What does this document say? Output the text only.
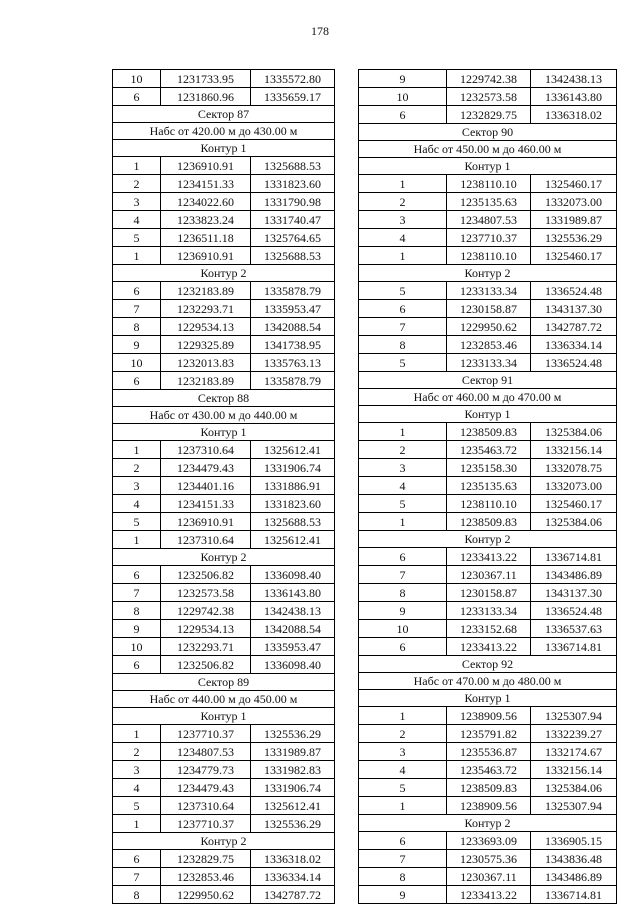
178
10	1231733.95	1335572.80
6	1231860.96	1335659.17
Сектор 87		
Набс от 420.00 м до 430.00 м		
Контур 1		
1	1236910.91	1325688.53
2	1234151.33	1331823.60
3	1234022.60	1331790.98
4	1233823.24	1331740.47
5	1236511.18	1325764.65
1	1236910.91	1325688.53
Контур 2		
6	1232183.89	1335878.79
7	1232293.71	1335953.47
8	1229534.13	1342088.54
9	1229325.89	1341738.95
10	1232013.83	1335763.13
6	1232183.89	1335878.79
Сектор 88		
Набс от 430.00 м до 440.00 м		
Контур 1		
1	1237310.64	1325612.41
2	1234479.43	1331906.74
3	1234401.16	1331886.91
4	1234151.33	1331823.60
5	1236910.91	1325688.53
1	1237310.64	1325612.41
Контур 2		
6	1232506.82	1336098.40
7	1232573.58	1336143.80
8	1229742.38	1342438.13
9	1229534.13	1342088.54
10	1232293.71	1335953.47
6	1232506.82	1336098.40
Сектор 89		
Набс от 440.00 м до 450.00 м		
Контур 1		
1	1237710.37	1325536.29
2	1234807.53	1331989.87
3	1234779.73	1331982.83
4	1234479.43	1331906.74
5	1237310.64	1325612.41
1	1237710.37	1325536.29
Контур 2		
6	1232829.75	1336318.02
7	1232853.46	1336334.14
8	1229950.62	1342787.72
9	1229742.38	1342438.13
10	1232573.58	1336143.80
6	1232829.75	1336318.02
Сектор 90		
Набс от 450.00 м до 460.00 м		
Контур 1		
1	1238110.10	1325460.17
2	1235135.63	1332073.00
3	1234807.53	1331989.87
4	1237710.37	1325536.29
1	1238110.10	1325460.17
Контур 2		
5	1233133.34	1336524.48
6	1230158.87	1343137.30
7	1229950.62	1342787.72
8	1232853.46	1336334.14
5	1233133.34	1336524.48
Сектор 91		
Набс от 460.00 м до 470.00 м		
Контур 1		
1	1238509.83	1325384.06
2	1235463.72	1332156.14
3	1235158.30	1332078.75
4	1235135.63	1332073.00
5	1238110.10	1325460.17
1	1238509.83	1325384.06
Контур 2		
6	1233413.22	1336714.81
7	1230367.11	1343486.89
8	1230158.87	1343137.30
9	1233133.34	1336524.48
10	1233152.68	1336537.63
6	1233413.22	1336714.81
Сектор 92		
Набс от 470.00 м до 480.00 м		
Контур 1		
1	1238909.56	1325307.94
2	1235791.82	1332239.27
3	1235536.87	1332174.67
4	1235463.72	1332156.14
5	1238509.83	1325384.06
1	1238909.56	1325307.94
Контур 2		
6	1233693.09	1336905.15
7	1230575.36	1343836.48
8	1230367.11	1343486.89
9	1233413.22	1336714.81
